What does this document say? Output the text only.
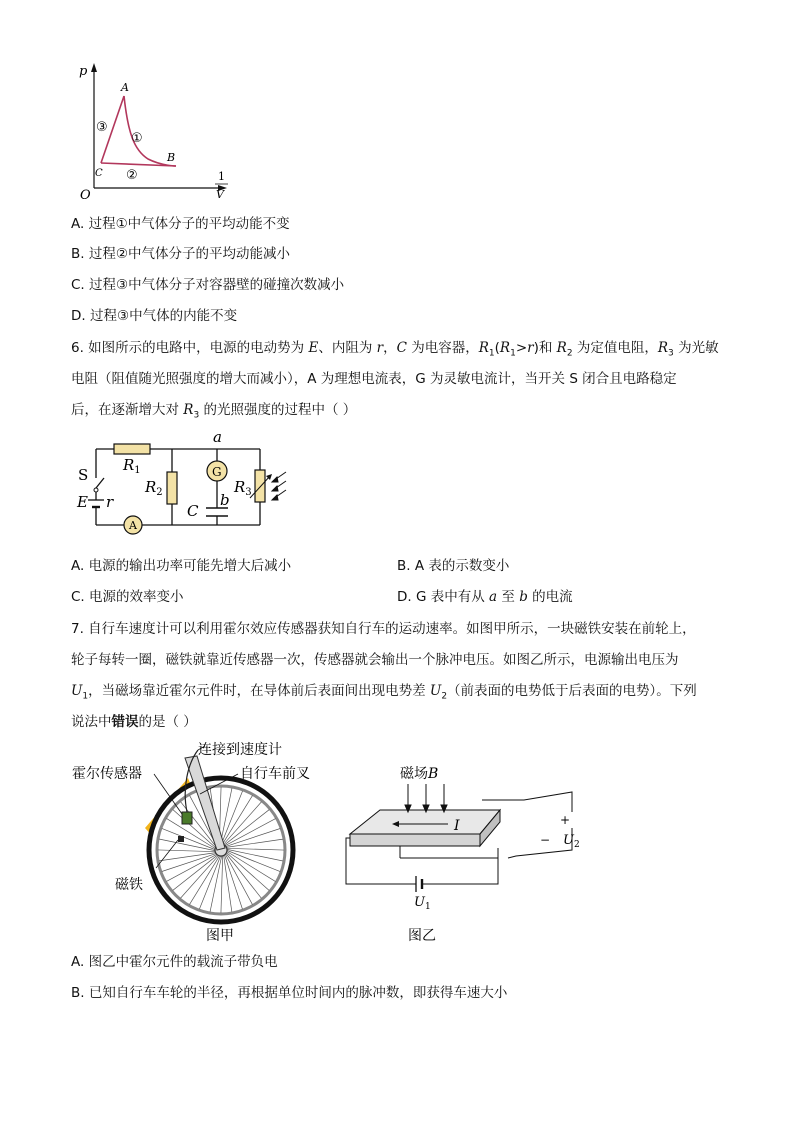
p
O
A
B
C
③
①
②	1
V
A. 过程①中气体分子的平均动能不变
B. 过程②中气体分子的平均动能减小
C. 过程③中气体分子对容器壁的碰撞次数减小
D. 过程③中气体的内能不变
6. 如图所示的电路中，电源的电动势为 E、内阻为 r，C 为电容器，$R_1(R_1>r)$和 $R_2$ 为定值电阻，$R_3$ 为光敏
电阻（阻值随光照强度的增大而减小），A 为理想电流表，G 为灵敏电流计，当开关 S 闭合且电路稳定
后，在逐渐增大对 $R_3$ 的光照强度的过程中（ ）
S
E r
$R_1$
$R_2$
a
G
b
C
$R_3$
A
A. 电源的输出功率可能先增大后减小	B. A 表的示数变小
C. 电源的效率变小	D. G 表中有从 a 至 b 的电流
7. 自行车速度计可以利用霍尔效应传感器获知自行车的运动速率。如图甲所示，一块磁铁安装在前轮上，
轮子每转一圈，磁铁就靠近传感器一次，传感器就会输出一个脉冲电压。如图乙所示，电源输出电压为
$U_1$，当磁场靠近霍尔元件时，在导体前后表面间出现电势差 $U_2$（前表面的电势低于后表面的电势）。下列
说法中错误的是（ ）
连接到速度计
霍尔传感器	自行车前叉
磁铁
图甲
磁场B
I	+
− $U_2$
$U_1$
图乙
A. 图乙中霍尔元件的载流子带负电
B. 已知自行车车轮的半径，再根据单位时间内的脉冲数，即获得车速大小
